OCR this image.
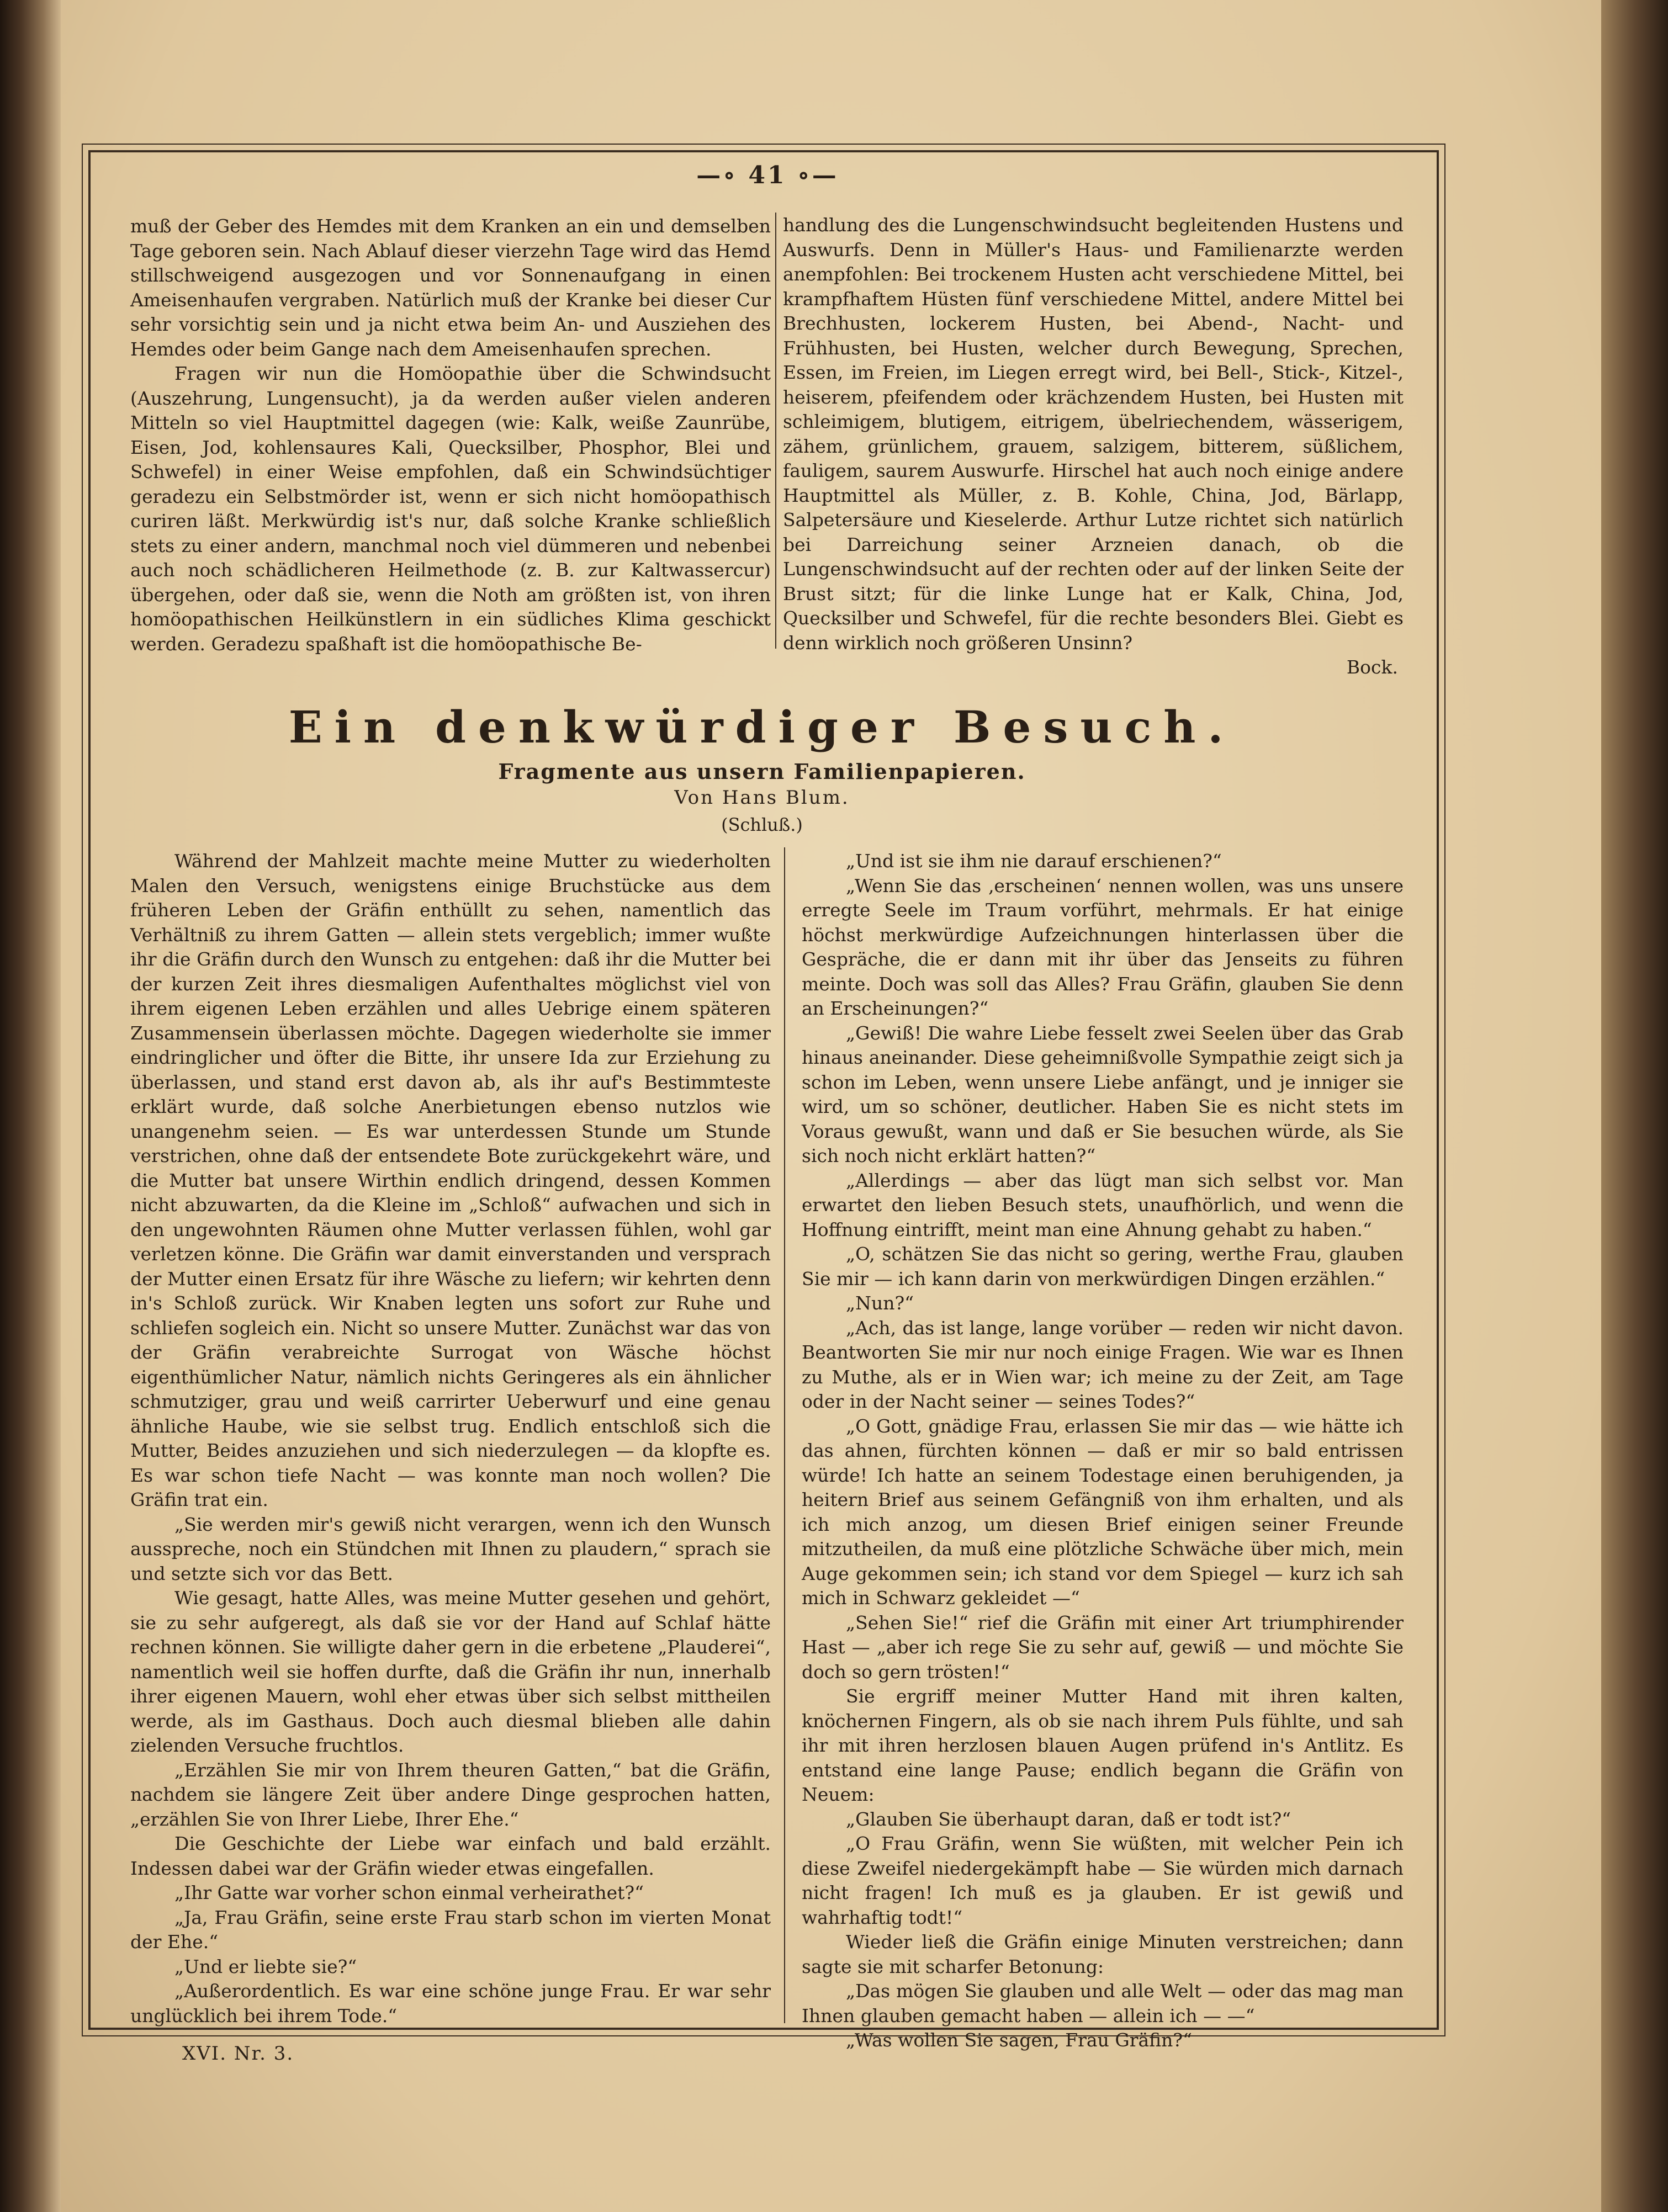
—∘ 41 ∘—

muß der Geber des Hemdes mit dem Kranken an ein und demselben Tage geboren sein. Nach Ablauf dieser vierzehn Tage wird das Hemd stillschweigend ausgezogen und vor Sonnenaufgang in einen Ameisenhaufen vergraben. Natürlich muß der Kranke bei dieser Cur sehr vorsichtig sein und ja nicht etwa beim An- und Ausziehen des Hemdes oder beim Gange nach dem Ameisenhaufen sprechen.

Fragen wir nun die Homöopathie über die Schwindsucht (Auszehrung, Lungensucht), ja da werden außer vielen anderen Mitteln so viel Hauptmittel dagegen (wie: Kalk, weiße Zaunrübe, Eisen, Jod, kohlensaures Kali, Quecksilber, Phosphor, Blei und Schwefel) in einer Weise empfohlen, daß ein Schwindsüchtiger geradezu ein Selbstmörder ist, wenn er sich nicht homöopathisch curiren läßt. Merkwürdig ist's nur, daß solche Kranke schließlich stets zu einer andern, manchmal noch viel dümmeren und nebenbei auch noch schädlicheren Heilmethode (z. B. zur Kaltwassercur) übergehen, oder daß sie, wenn die Noth am größten ist, von ihren homöopathischen Heilkünstlern in ein südliches Klima geschickt werden. Geradezu spaßhaft ist die homöopathische Be-

handlung des die Lungenschwindsucht begleitenden Hustens und Auswurfs. Denn in Müller's Haus- und Familienarzte werden anempfohlen: Bei trockenem Husten acht verschiedene Mittel, bei krampfhaftem Hüsten fünf verschiedene Mittel, andere Mittel bei Brechhusten, lockerem Husten, bei Abend-, Nacht- und Frühhusten, bei Husten, welcher durch Bewegung, Sprechen, Essen, im Freien, im Liegen erregt wird, bei Bell-, Stick-, Kitzel-, heiserem, pfeifendem oder krächzendem Husten, bei Husten mit schleimigem, blutigem, eitrigem, übelriechendem, wässerigem, zähem, grünlichem, grauem, salzigem, bitterem, süßlichem, fauligem, saurem Auswurfe. Hirschel hat auch noch einige andere Hauptmittel als Müller, z. B. Kohle, China, Jod, Bärlapp, Salpetersäure und Kieselerde. Arthur Lutze richtet sich natürlich bei Darreichung seiner Arzneien danach, ob die Lungenschwindsucht auf der rechten oder auf der linken Seite der Brust sitzt; für die linke Lunge hat er Kalk, China, Jod, Quecksilber und Schwefel, für die rechte besonders Blei. Giebt es denn wirklich noch größeren Unsinn?

Bock.

Ein denkwürdiger Besuch.
Fragmente aus unsern Familienpapieren.
Von Hans Blum.
(Schluß.)

Während der Mahlzeit machte meine Mutter zu wiederholten Malen den Versuch, wenigstens einige Bruchstücke aus dem früheren Leben der Gräfin enthüllt zu sehen, namentlich das Verhältniß zu ihrem Gatten — allein stets vergeblich; immer wußte ihr die Gräfin durch den Wunsch zu entgehen: daß ihr die Mutter bei der kurzen Zeit ihres diesmaligen Aufenthaltes möglichst viel von ihrem eigenen Leben erzählen und alles Uebrige einem späteren Zusammensein überlassen möchte. Dagegen wiederholte sie immer eindringlicher und öfter die Bitte, ihr unsere Ida zur Erziehung zu überlassen, und stand erst davon ab, als ihr auf's Bestimmteste erklärt wurde, daß solche Anerbietungen ebenso nutzlos wie unangenehm seien. — Es war unterdessen Stunde um Stunde verstrichen, ohne daß der entsendete Bote zurückgekehrt wäre, und die Mutter bat unsere Wirthin endlich dringend, dessen Kommen nicht abzuwarten, da die Kleine im „Schloß“ aufwachen und sich in den ungewohnten Räumen ohne Mutter verlassen fühlen, wohl gar verletzen könne. Die Gräfin war damit einverstanden und versprach der Mutter einen Ersatz für ihre Wäsche zu liefern; wir kehrten denn in's Schloß zurück. Wir Knaben legten uns sofort zur Ruhe und schliefen sogleich ein. Nicht so unsere Mutter. Zunächst war das von der Gräfin verabreichte Surrogat von Wäsche höchst eigenthümlicher Natur, nämlich nichts Geringeres als ein ähnlicher schmutziger, grau und weiß carrirter Ueberwurf und eine genau ähnliche Haube, wie sie selbst trug. Endlich entschloß sich die Mutter, Beides anzuziehen und sich niederzulegen — da klopfte es. Es war schon tiefe Nacht — was konnte man noch wollen? Die Gräfin trat ein.

„Sie werden mir's gewiß nicht verargen, wenn ich den Wunsch ausspreche, noch ein Stündchen mit Ihnen zu plaudern,“ sprach sie und setzte sich vor das Bett.

Wie gesagt, hatte Alles, was meine Mutter gesehen und gehört, sie zu sehr aufgeregt, als daß sie vor der Hand auf Schlaf hätte rechnen können. Sie willigte daher gern in die erbetene „Plauderei“, namentlich weil sie hoffen durfte, daß die Gräfin ihr nun, innerhalb ihrer eigenen Mauern, wohl eher etwas über sich selbst mittheilen werde, als im Gasthaus. Doch auch diesmal blieben alle dahin zielenden Versuche fruchtlos.

„Erzählen Sie mir von Ihrem theuren Gatten,“ bat die Gräfin, nachdem sie längere Zeit über andere Dinge gesprochen hatten, „erzählen Sie von Ihrer Liebe, Ihrer Ehe.“

Die Geschichte der Liebe war einfach und bald erzählt. Indessen dabei war der Gräfin wieder etwas eingefallen.

„Ihr Gatte war vorher schon einmal verheirathet?“

„Ja, Frau Gräfin, seine erste Frau starb schon im vierten Monat der Ehe.“

„Und er liebte sie?“

„Außerordentlich. Es war eine schöne junge Frau. Er war sehr unglücklich bei ihrem Tode.“

„Und ist sie ihm nie darauf erschienen?“

„Wenn Sie das ‚erscheinen‘ nennen wollen, was uns unsere erregte Seele im Traum vorführt, mehrmals. Er hat einige höchst merkwürdige Aufzeichnungen hinterlassen über die Gespräche, die er dann mit ihr über das Jenseits zu führen meinte. Doch was soll das Alles? Frau Gräfin, glauben Sie denn an Erscheinungen?“

„Gewiß! Die wahre Liebe fesselt zwei Seelen über das Grab hinaus aneinander. Diese geheimnißvolle Sympathie zeigt sich ja schon im Leben, wenn unsere Liebe anfängt, und je inniger sie wird, um so schöner, deutlicher. Haben Sie es nicht stets im Voraus gewußt, wann und daß er Sie besuchen würde, als Sie sich noch nicht erklärt hatten?“

„Allerdings — aber das lügt man sich selbst vor. Man erwartet den lieben Besuch stets, unaufhörlich, und wenn die Hoffnung eintrifft, meint man eine Ahnung gehabt zu haben.“

„O, schätzen Sie das nicht so gering, werthe Frau, glauben Sie mir — ich kann darin von merkwürdigen Dingen erzählen.“

„Nun?“

„Ach, das ist lange, lange vorüber — reden wir nicht davon. Beantworten Sie mir nur noch einige Fragen. Wie war es Ihnen zu Muthe, als er in Wien war; ich meine zu der Zeit, am Tage oder in der Nacht seiner — seines Todes?“

„O Gott, gnädige Frau, erlassen Sie mir das — wie hätte ich das ahnen, fürchten können — daß er mir so bald entrissen würde! Ich hatte an seinem Todestage einen beruhigenden, ja heitern Brief aus seinem Gefängniß von ihm erhalten, und als ich mich anzog, um diesen Brief einigen seiner Freunde mitzutheilen, da muß eine plötzliche Schwäche über mich, mein Auge gekommen sein; ich stand vor dem Spiegel — kurz ich sah mich in Schwarz gekleidet —“

„Sehen Sie!“ rief die Gräfin mit einer Art triumphirender Hast — „aber ich rege Sie zu sehr auf, gewiß — und möchte Sie doch so gern trösten!“

Sie ergriff meiner Mutter Hand mit ihren kalten, knöchernen Fingern, als ob sie nach ihrem Puls fühlte, und sah ihr mit ihren herzlosen blauen Augen prüfend in's Antlitz. Es entstand eine lange Pause; endlich begann die Gräfin von Neuem:

„Glauben Sie überhaupt daran, daß er todt ist?“

„O Frau Gräfin, wenn Sie wüßten, mit welcher Pein ich diese Zweifel niedergekämpft habe — Sie würden mich darnach nicht fragen! Ich muß es ja glauben. Er ist gewiß und wahrhaftig todt!“

Wieder ließ die Gräfin einige Minuten verstreichen; dann sagte sie mit scharfer Betonung:

„Das mögen Sie glauben und alle Welt — oder das mag man Ihnen glauben gemacht haben — allein ich — —“

„Was wollen Sie sagen, Frau Gräfin?“

XVI. Nr. 3.
